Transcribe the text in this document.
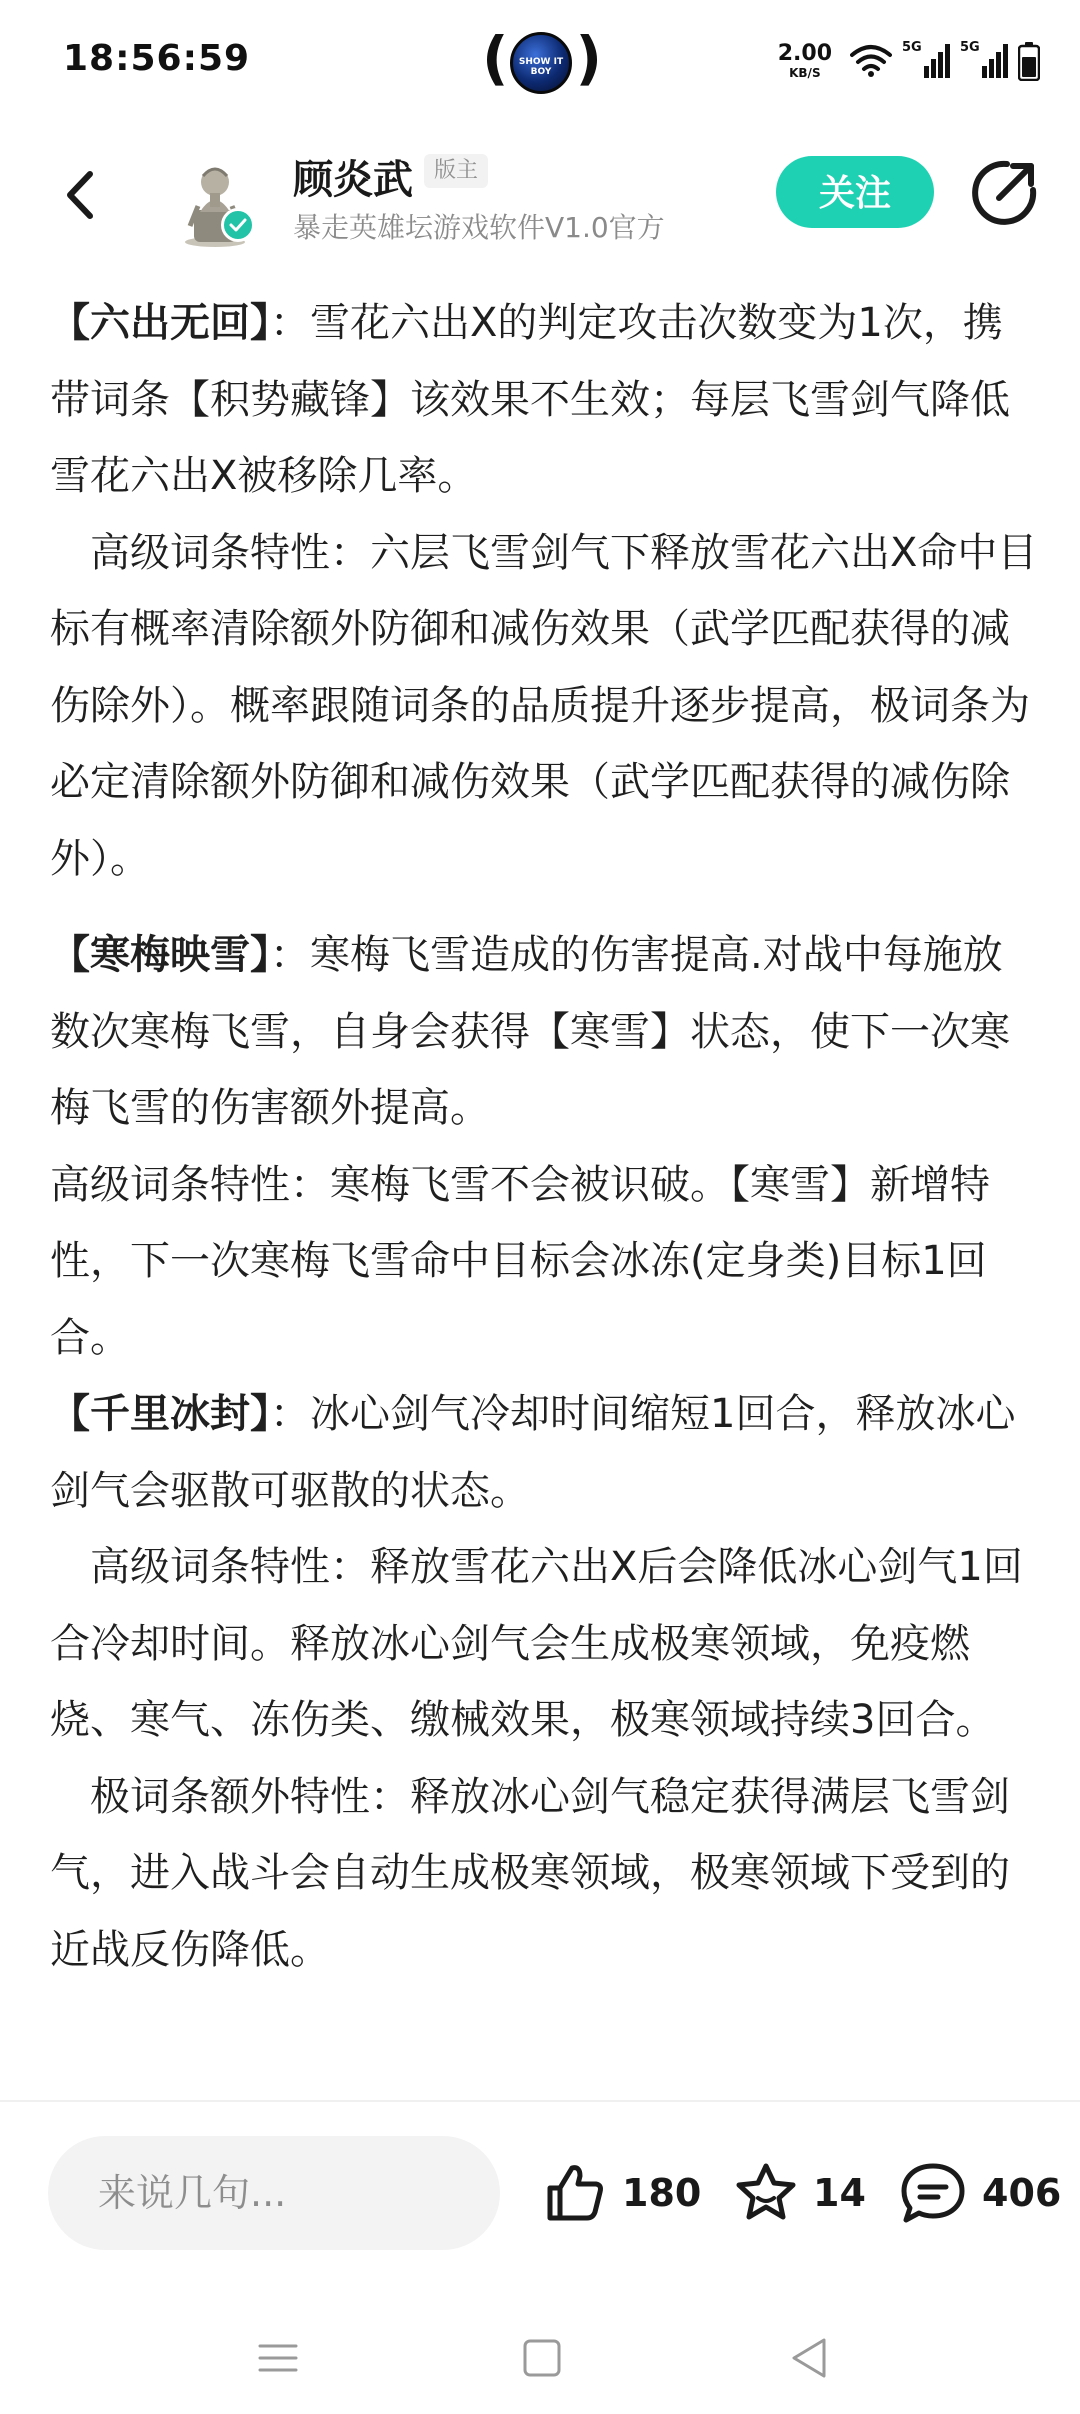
18:56:59	(	SHOW IT BOY )	2.00
KB/S
5G	5G
顾炎武 版主
暴走英雄坛游戏软件V1.0官方
关注

【六出无回】：雪花六出X的判定攻击次数变为1次，携带词条【积势藏锋】该效果不生效；每层飞雪剑气降低雪花六出X被移除几率。

　高级词条特性：六层飞雪剑气下释放雪花六出X命中目标有概率清除额外防御和减伤效果（武学匹配获得的减伤除外）。概率跟随词条的品质提升逐步提高，极词条为必定清除额外防御和减伤效果（武学匹配获得的减伤除外）。

【寒梅映雪】：寒梅飞雪造成的伤害提高.对战中每施放数次寒梅飞雪，自身会获得【寒雪】状态，使下一次寒梅飞雪的伤害额外提高。

高级词条特性：寒梅飞雪不会被识破。【寒雪】新增特性，下一次寒梅飞雪命中目标会冰冻(定身类)目标1回合。

【千里冰封】：冰心剑气冷却时间缩短1回合，释放冰心剑气会驱散可驱散的状态。

　高级词条特性：释放雪花六出X后会降低冰心剑气1回合冷却时间。释放冰心剑气会生成极寒领域，免疫燃烧、寒气、冻伤类、缴械效果，极寒领域持续3回合。

　极词条额外特性：释放冰心剑气稳定获得满层飞雪剑气，进入战斗会自动生成极寒领域，极寒领域下受到的近战反伤降低。

来说几句...	180	14	406
